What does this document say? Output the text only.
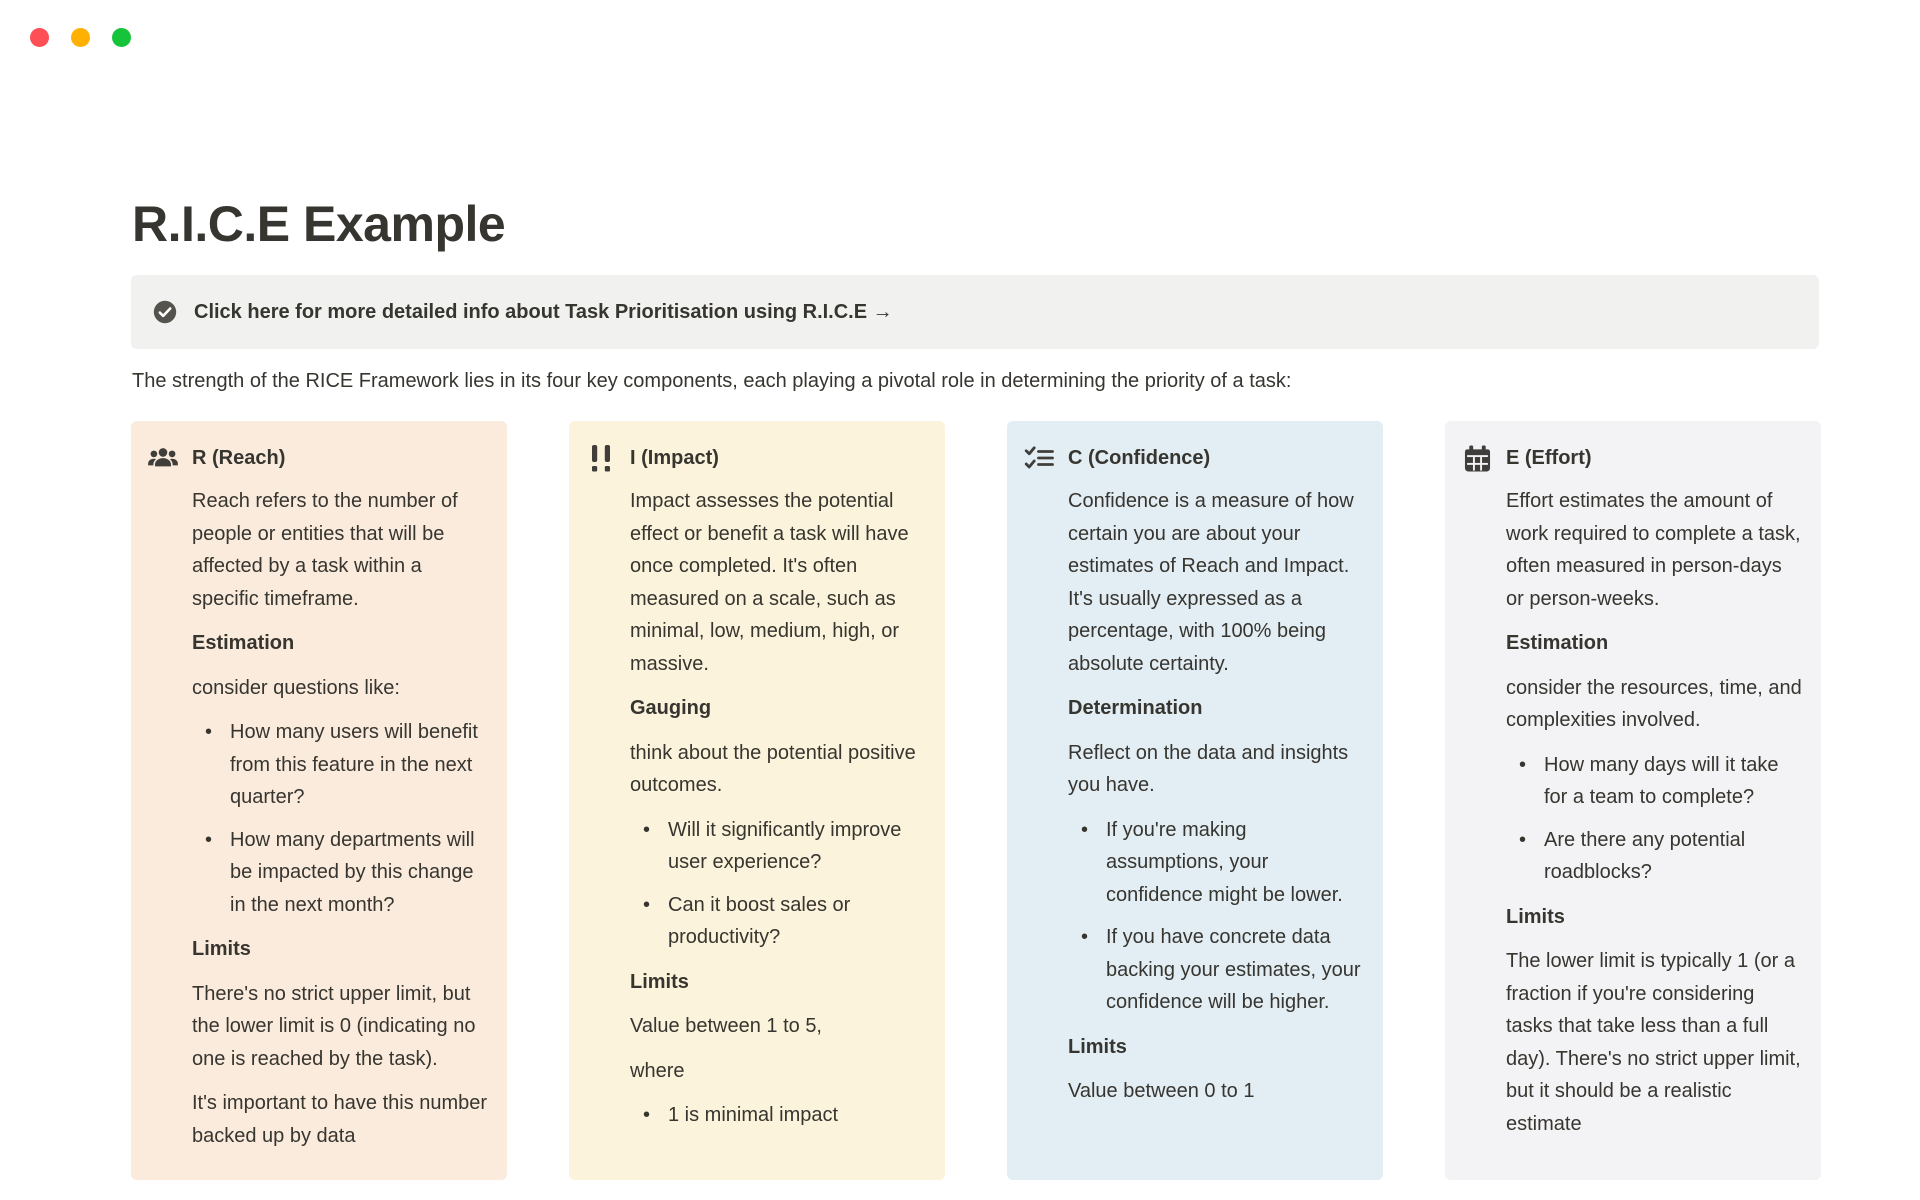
R.I.C.E Example
Click here for more detailed info about Task Prioritisation using R.I.C.E →

The strength of the RICE Framework lies in its four key components, each playing a pivotal role in determining the priority of a task:

R (Reach)
Reach refers to the number of people or entities that will be affected by a task within a specific timeframe.
Estimation
consider questions like:
• How many users will benefit from this feature in the next quarter?
• How many departments will be impacted by this change in the next month?
Limits
There's no strict upper limit, but the lower limit is 0 (indicating no one is reached by the task).
It's important to have this number backed up by data
I (Impact)
Impact assesses the potential effect or benefit a task will have once completed. It's often measured on a scale, such as minimal, low, medium, high, or massive.
Gauging
think about the potential positive outcomes.
• Will it significantly improve user experience?
• Can it boost sales or productivity?
Limits
Value between 1 to 5,
where
• 1 is minimal impact
C (Confidence)
Confidence is a measure of how certain you are about your estimates of Reach and Impact. It's usually expressed as a percentage, with 100% being absolute certainty.
Determination
Reflect on the data and insights you have.
• If you're making assumptions, your confidence might be lower.
• If you have concrete data backing your estimates, your confidence will be higher.
Limits
Value between 0 to 1
E (Effort)
Effort estimates the amount of work required to complete a task, often measured in person-days or person-weeks.
Estimation
consider the resources, time, and complexities involved.
• How many days will it take for a team to complete?
• Are there any potential roadblocks?
Limits
The lower limit is typically 1 (or a fraction if you're considering tasks that take less than a full day). There's no strict upper limit, but it should be a realistic estimate
